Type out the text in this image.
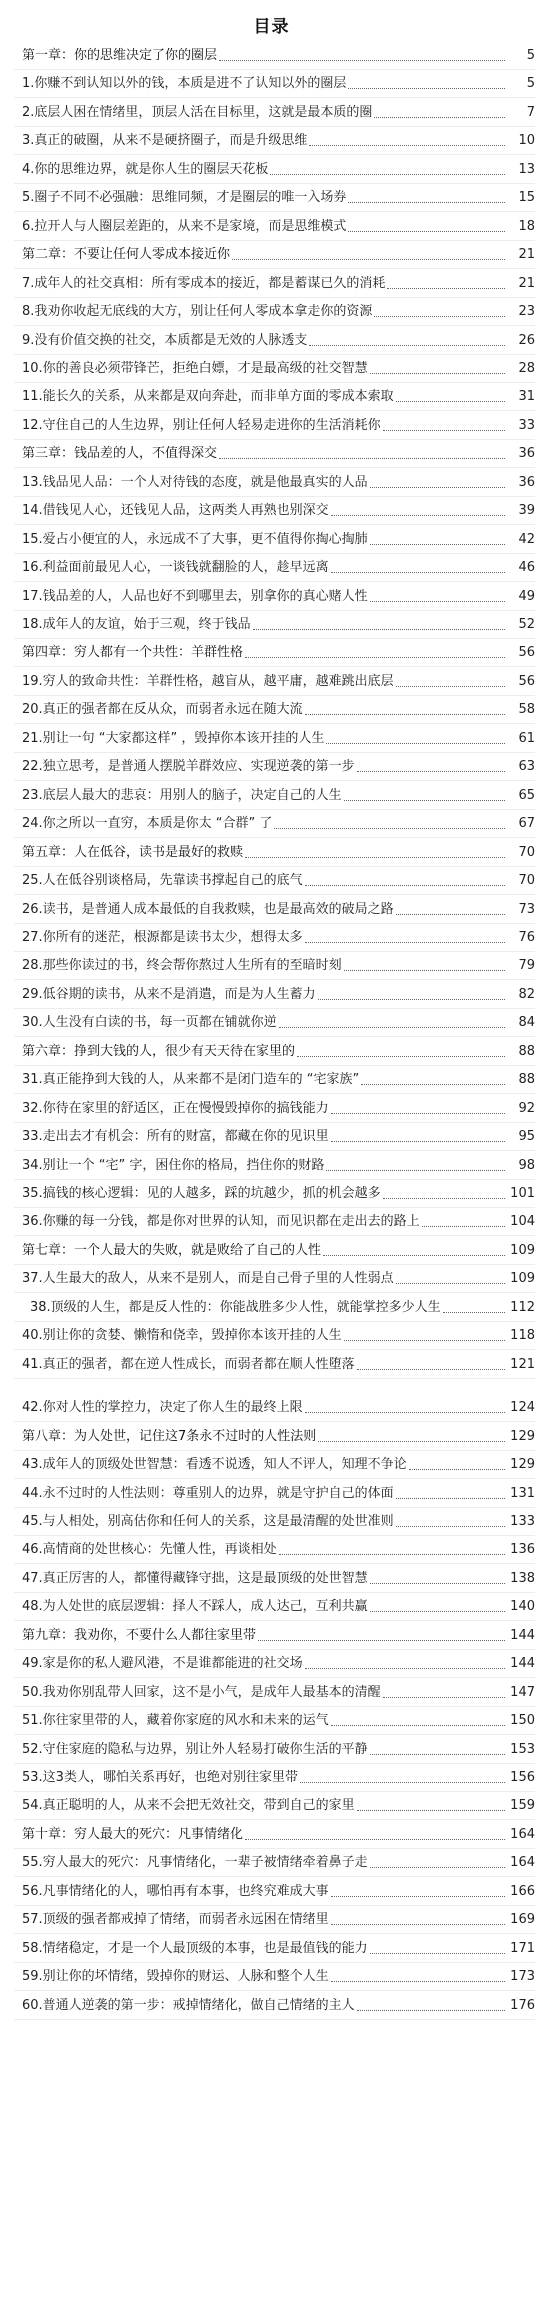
目录
第一章：你的思维决定了你的圈层	5
1.你赚不到认知以外的钱，本质是进不了认知以外的圈层	5
2.底层人困在情绪里，顶层人活在目标里，这就是最本质的圈	7
3.真正的破圈，从来不是硬挤圈子，而是升级思维	10
4.你的思维边界，就是你人生的圈层天花板	13
5.圈子不同不必强融：思维同频，才是圈层的唯一入场券	15
6.拉开人与人圈层差距的，从来不是家境，而是思维模式	18
第二章：不要让任何人零成本接近你	21
7.成年人的社交真相：所有零成本的接近，都是蓄谋已久的消耗	21
8.我劝你收起无底线的大方，别让任何人零成本拿走你的资源	23
9.没有价值交换的社交，本质都是无效的人脉透支	26
10.你的善良必须带锋芒，拒绝白嫖，才是最高级的社交智慧	28
11.能长久的关系，从来都是双向奔赴，而非单方面的零成本索取	31
12.守住自己的人生边界，别让任何人轻易走进你的生活消耗你	33
第三章：钱品差的人，不值得深交	36
13.钱品见人品：一个人对待钱的态度，就是他最真实的人品	36
14.借钱见人心，还钱见人品，这两类人再熟也别深交	39
15.爱占小便宜的人，永远成不了大事，更不值得你掏心掏肺	42
16.利益面前最见人心，一谈钱就翻脸的人，趁早远离	46
17.钱品差的人，人品也好不到哪里去，别拿你的真心赌人性	49
18.成年人的友谊，始于三观，终于钱品	52
第四章：穷人都有一个共性：羊群性格	56
19.穷人的致命共性：羊群性格，越盲从，越平庸，越难跳出底层	56
20.真正的强者都在反从众，而弱者永远在随大流	58
21.别让一句 “大家都这样” ，毁掉你本该开挂的人生	61
22.独立思考，是普通人摆脱羊群效应、实现逆袭的第一步	63
23.底层人最大的悲哀：用别人的脑子，决定自己的人生	65
24.你之所以一直穷，本质是你太 “合群” 了	67
第五章：人在低谷，读书是最好的救赎	70
25.人在低谷别谈格局，先靠读书撑起自己的底气	70
26.读书，是普通人成本最低的自我救赎，也是最高效的破局之路	73
27.你所有的迷茫，根源都是读书太少，想得太多	76
28.那些你读过的书，终会帮你熬过人生所有的至暗时刻	79
29.低谷期的读书，从来不是消遣，而是为人生蓄力	82
30.人生没有白读的书，每一页都在铺就你逆	84
第六章：挣到大钱的人，很少有天天待在家里的	88
31.真正能挣到大钱的人，从来都不是闭门造车的 “宅家族”	88
32.你待在家里的舒适区，正在慢慢毁掉你的搞钱能力	92
33.走出去才有机会：所有的财富，都藏在你的见识里	95
34.别让一个 “宅” 字，困住你的格局，挡住你的财路	98
35.搞钱的核心逻辑：见的人越多，踩的坑越少，抓的机会越多	101
36.你赚的每一分钱，都是你对世界的认知，而见识都在走出去的路上	104
第七章：一个人最大的失败，就是败给了自己的人性	109
37.人生最大的敌人，从来不是别人，而是自己骨子里的人性弱点	109
38.顶级的人生，都是反人性的：你能战胜多少人性，就能掌控多少人生	112
40.别让你的贪婪、懒惰和侥幸，毁掉你本该开挂的人生	118
41.真正的强者，都在逆人性成长，而弱者都在顺人性堕落	121
42.你对人性的掌控力，决定了你人生的最终上限	124
第八章：为人处世，记住这7条永不过时的人性法则	129
43.成年人的顶级处世智慧：看透不说透，知人不评人，知理不争论	129
44.永不过时的人性法则：尊重别人的边界，就是守护自己的体面	131
45.与人相处，别高估你和任何人的关系，这是最清醒的处世准则	133
46.高情商的处世核心：先懂人性，再谈相处	136
47.真正厉害的人，都懂得藏锋守拙，这是最顶级的处世智慧	138
48.为人处世的底层逻辑：择人不踩人，成人达己，互利共赢	140
第九章：我劝你，不要什么人都往家里带	144
49.家是你的私人避风港，不是谁都能进的社交场	144
50.我劝你别乱带人回家，这不是小气，是成年人最基本的清醒	147
51.你往家里带的人，藏着你家庭的风水和未来的运气	150
52.守住家庭的隐私与边界，别让外人轻易打破你生活的平静	153
53.这3类人，哪怕关系再好，也绝对别往家里带	156
54.真正聪明的人，从来不会把无效社交，带到自己的家里	159
第十章：穷人最大的死穴：凡事情绪化	164
55.穷人最大的死穴：凡事情绪化，一辈子被情绪牵着鼻子走	164
56.凡事情绪化的人，哪怕再有本事，也终究难成大事	166
57.顶级的强者都戒掉了情绪，而弱者永远困在情绪里	169
58.情绪稳定，才是一个人最顶级的本事，也是最值钱的能力	171
59.别让你的坏情绪，毁掉你的财运、人脉和整个人生	173
60.普通人逆袭的第一步：戒掉情绪化，做自己情绪的主人	176
